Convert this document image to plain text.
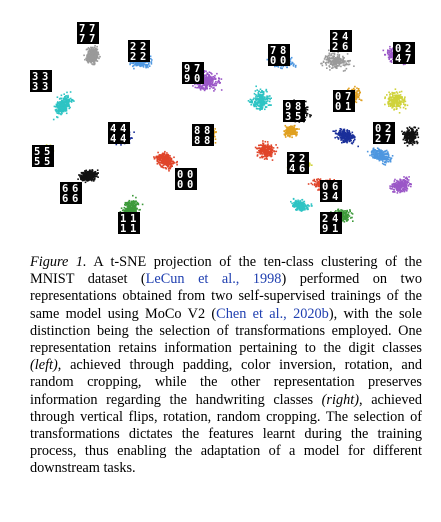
7 7
7 7
2 2
2 2
9 7
9 0
3 3
3 3
4 4
4 4
8 8
8 8
5 5
5 5
0 0
0 0
6 6
6 6
1 1
1 1
7 8
0 0
2 4
2 6	0 2
4 7
9 8
3 5
0 7
0 1
0 2
2 7
2 2
4 6
0 6
3 4
2 4
9 1

Figure 1. A t-SNE projection of the ten-class clustering of the MNIST dataset (LeCun et al., 1998) performed on two representations obtained from two self-supervised trainings of the same model using MoCo V2 (Chen et al., 2020b), with the sole distinction being the selection of transformations employed. One representation retains information pertaining to the digit classes (left), achieved through padding, color inversion, rotation, and random cropping, while the other representation preserves information regarding the handwriting classes (right), achieved through vertical flips, rotation, random cropping. The selection of transformations dictates the features learnt during the training process, thus enabling the adaptation of a model for different downstream tasks.
